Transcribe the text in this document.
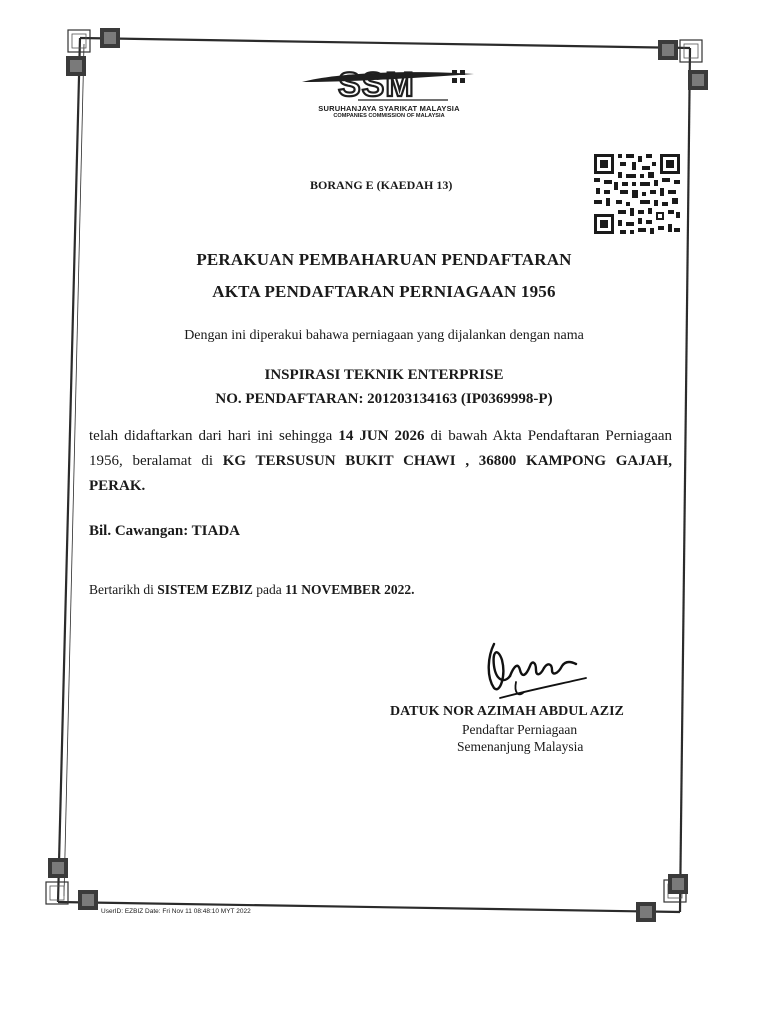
SSM
SURUHANJAYA SYARIKAT MALAYSIA
COMPANIES COMMISSION OF MALAYSIA
BORANG E (KAEDAH 13)
PERAKUAN PEMBAHARUAN PENDAFTARAN
AKTA PENDAFTARAN PERNIAGAAN 1956
Dengan ini diperakui bahawa perniagaan yang dijalankan dengan nama
INSPIRASI TEKNIK ENTERPRISE
NO. PENDAFTARAN: 201203134163 (IP0369998-P)
telah didaftarkan dari hari ini sehingga 14 JUN 2026 di bawah Akta Pendaftaran Perniagaan 1956, beralamat di KG TERSUSUN BUKIT CHAWI , 36800 KAMPONG GAJAH, PERAK.
Bil. Cawangan: TIADA
Bertarikh di SISTEM EZBIZ pada 11 NOVEMBER 2022.
DATUK NOR AZIMAH ABDUL AZIZ
Pendaftar Perniagaan
Semenanjung Malaysia
UserID: EZBIZ Date: Fri Nov 11 08:48:10 MYT 2022
